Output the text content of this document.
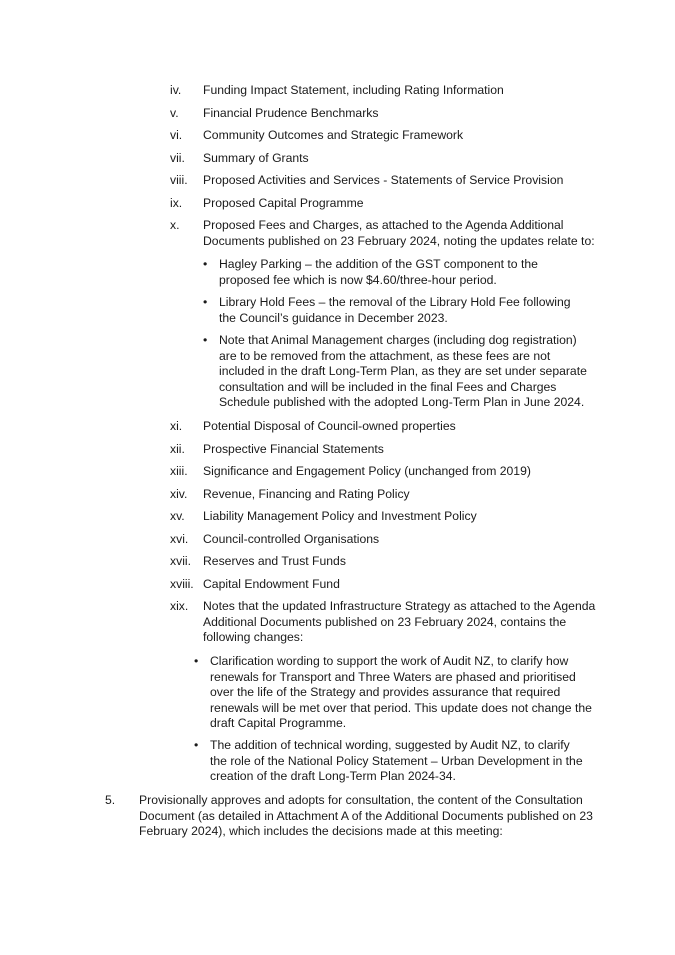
iv. Funding Impact Statement, including Rating Information
v. Financial Prudence Benchmarks
vi. Community Outcomes and Strategic Framework
vii. Summary of Grants
viii. Proposed Activities and Services - Statements of Service Provision
ix. Proposed Capital Programme
x. Proposed Fees and Charges, as attached to the Agenda Additional Documents published on 23 February 2024, noting the updates relate to:
• Hagley Parking – the addition of the GST component to the proposed fee which is now $4.60/three-hour period.
• Library Hold Fees – the removal of the Library Hold Fee following the Council’s guidance in December 2023.
• Note that Animal Management charges (including dog registration) are to be removed from the attachment, as these fees are not included in the draft Long-Term Plan, as they are set under separate consultation and will be included in the final Fees and Charges Schedule published with the adopted Long-Term Plan in June 2024.
xi. Potential Disposal of Council-owned properties
xii. Prospective Financial Statements
xiii. Significance and Engagement Policy (unchanged from 2019)
xiv. Revenue, Financing and Rating Policy
xv. Liability Management Policy and Investment Policy
xvi. Council-controlled Organisations
xvii. Reserves and Trust Funds
xviii. Capital Endowment Fund
xix. Notes that the updated Infrastructure Strategy as attached to the Agenda Additional Documents published on 23 February 2024, contains the following changes:
• Clarification wording to support the work of Audit NZ, to clarify how renewals for Transport and Three Waters are phased and prioritised over the life of the Strategy and provides assurance that required renewals will be met over that period. This update does not change the draft Capital Programme.
• The addition of technical wording, suggested by Audit NZ, to clarify the role of the National Policy Statement – Urban Development in the creation of the draft Long-Term Plan 2024-34.
5. Provisionally approves and adopts for consultation, the content of the Consultation Document (as detailed in Attachment A of the Additional Documents published on 23 February 2024), which includes the decisions made at this meeting:
